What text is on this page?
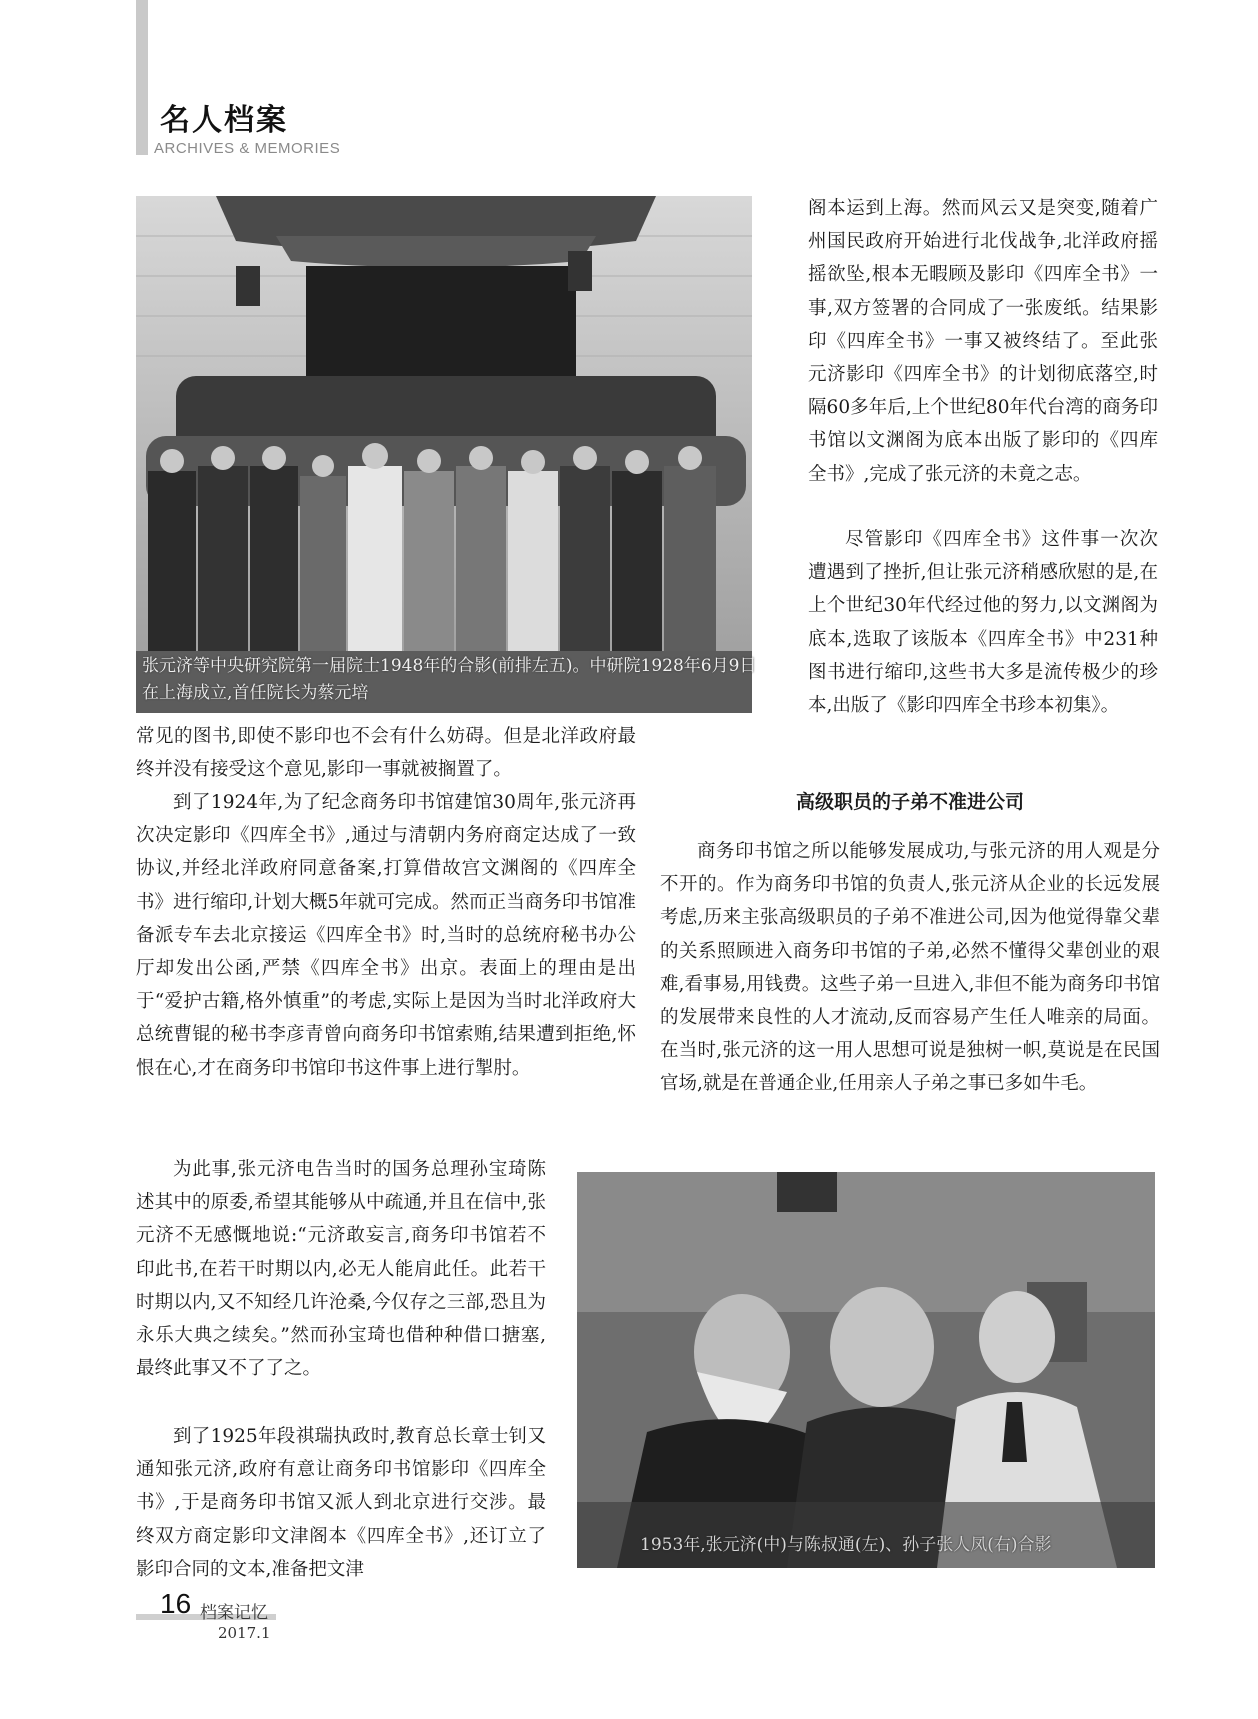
名人档案
ARCHIVES & MEMORIES
张元济等中央研究院第一届院士1948年的合影(前排左五)。中研院1928年6月9日在上海成立,首任院长为蔡元培
阁本运到上海。然而风云又是突变,随着广州国民政府开始进行北伐战争,北洋政府摇摇欲坠,根本无暇顾及影印《四库全书》一事,双方签署的合同成了一张废纸。结果影印《四库全书》一事又被终结了。至此张元济影印《四库全书》的计划彻底落空,时隔60多年后,上个世纪80年代台湾的商务印书馆以文渊阁为底本出版了影印的《四库全书》,完成了张元济的未竟之志。
尽管影印《四库全书》这件事一次次遭遇到了挫折,但让张元济稍感欣慰的是,在上个世纪30年代经过他的努力,以文渊阁为底本,选取了该版本《四库全书》中231种图书进行缩印,这些书大多是流传极少的珍本,出版了《影印四库全书珍本初集》。
常见的图书,即使不影印也不会有什么妨碍。但是北洋政府最终并没有接受这个意见,影印一事就被搁置了。
到了1924年,为了纪念商务印书馆建馆30周年,张元济再次决定影印《四库全书》,通过与清朝内务府商定达成了一致协议,并经北洋政府同意备案,打算借故宫文渊阁的《四库全书》进行缩印,计划大概5年就可完成。然而正当商务印书馆准备派专车去北京接运《四库全书》时,当时的总统府秘书办公厅却发出公函,严禁《四库全书》出京。表面上的理由是出于“爱护古籍,格外慎重”的考虑,实际上是因为当时北洋政府大总统曹锟的秘书李彦青曾向商务印书馆索贿,结果遭到拒绝,怀恨在心,才在商务印书馆印书这件事上进行掣肘。
为此事,张元济电告当时的国务总理孙宝琦陈述其中的原委,希望其能够从中疏通,并且在信中,张元济不无感慨地说:“元济敢妄言,商务印书馆若不印此书,在若干时期以内,必无人能肩此任。此若干时期以内,又不知经几许沧桑,今仅存之三部,恐且为永乐大典之续矣。”然而孙宝琦也借种种借口搪塞,最终此事又不了了之。
到了1925年段祺瑞执政时,教育总长章士钊又通知张元济,政府有意让商务印书馆影印《四库全书》,于是商务印书馆又派人到北京进行交涉。最终双方商定影印文津阁本《四库全书》,还订立了影印合同的文本,准备把文津
高级职员的子弟不准进公司
商务印书馆之所以能够发展成功,与张元济的用人观是分不开的。作为商务印书馆的负责人,张元济从企业的长远发展考虑,历来主张高级职员的子弟不准进公司,因为他觉得靠父辈的关系照顾进入商务印书馆的子弟,必然不懂得父辈创业的艰难,看事易,用钱费。这些子弟一旦进入,非但不能为商务印书馆的发展带来良性的人才流动,反而容易产生任人唯亲的局面。在当时,张元济的这一用人思想可说是独树一帜,莫说是在民国官场,就是在普通企业,任用亲人子弟之事已多如牛毛。
1953年,张元济(中)与陈叔通(左)、孙子张人凤(右)合影
16 档案记忆
2017.1
